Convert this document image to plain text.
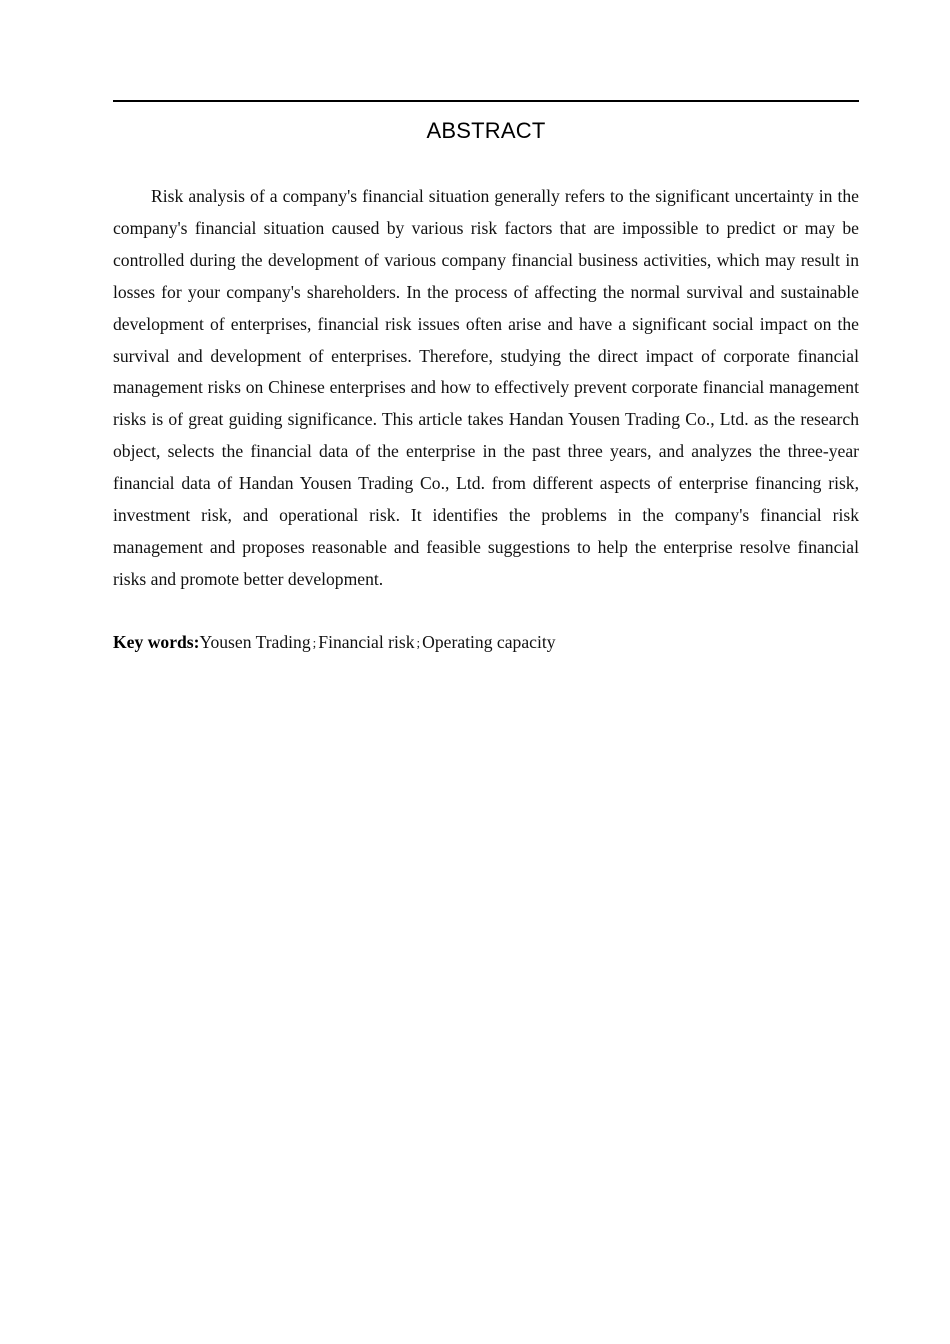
ABSTRACT

Risk analysis of a company's financial situation generally refers to the significant uncertainty in the company's financial situation caused by various risk factors that are impossible to predict or may be controlled during the development of various company financial business activities, which may result in losses for your company's shareholders. In the process of affecting the normal survival and sustainable development of enterprises, financial risk issues often arise and have a significant social impact on the survival and development of enterprises. Therefore, studying the direct impact of corporate financial management risks on Chinese enterprises and how to effectively prevent corporate financial management risks is of great guiding significance. This article takes Handan Yousen Trading Co., Ltd. as the research object, selects the financial data of the enterprise in the past three years, and analyzes the three-year financial data of Handan Yousen Trading Co., Ltd. from different aspects of enterprise financing risk, investment risk, and operational risk. It identifies the problems in the company's financial risk management and proposes reasonable and feasible suggestions to help the enterprise resolve financial risks and promote better development.

Key words:Yousen Trading ; Financial risk ; Operating capacity
